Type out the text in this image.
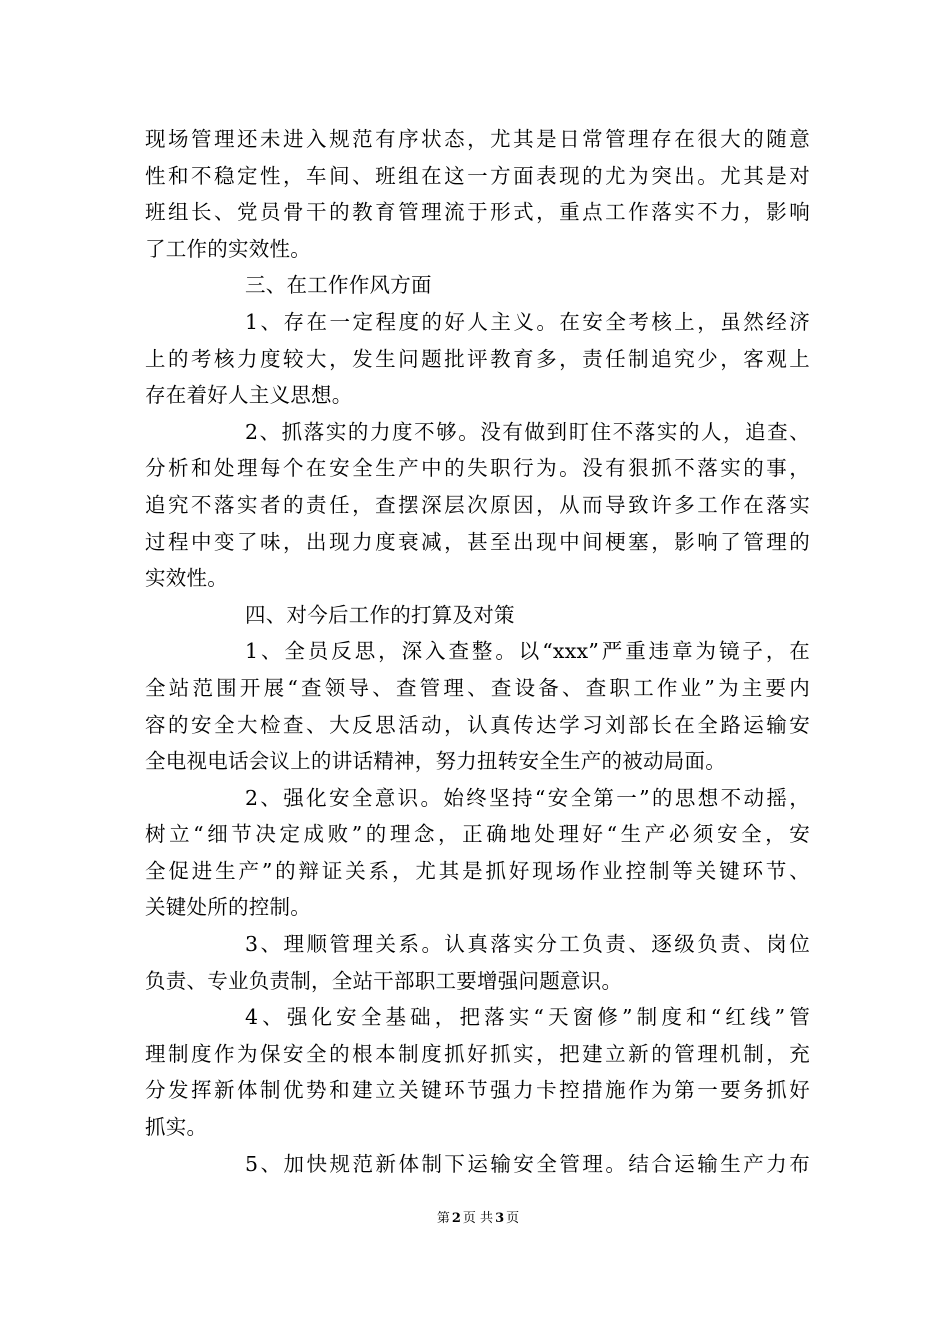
现场管理还未进入规范有序状态，尤其是日常管理存在很大的随意
性和不稳定性，车间、班组在这一方面表现的尤为突出。尤其是对
班组长、党员骨干的教育管理流于形式，重点工作落实不力，影响
了工作的实效性。
三、在工作作风方面
1、存在一定程度的好人主义。在安全考核上，虽然经济
上的考核力度较大，发生问题批评教育多，责任制追究少，客观上
存在着好人主义思想。
2、抓落实的力度不够。没有做到盯住不落实的人，追查、
分析和处理每个在安全生产中的失职行为。没有狠抓不落实的事，
追究不落实者的责任，查摆深层次原因，从而导致许多工作在落实
过程中变了味，出现力度衰减，甚至出现中间梗塞，影响了管理的
实效性。
四、对今后工作的打算及对策
1、全员反思，深入查整。以“xxx”严重违章为镜子，在
全站范围开展“查领导、查管理、查设备、查职工作业”为主要内
容的安全大检查、大反思活动，认真传达学习刘部长在全路运输安
全电视电话会议上的讲话精神，努力扭转安全生产的被动局面。
2、强化安全意识。始终坚持“安全第一”的思想不动摇，
树立“细节决定成败”的理念，正确地处理好“生产必须安全，安
全促进生产”的辩证关系，尤其是抓好现场作业控制等关键环节、
关键处所的控制。
3、理顺管理关系。认真落实分工负责、逐级负责、岗位
负责、专业负责制，全站干部职工要增强问题意识。
4、强化安全基础，把落实“天窗修”制度和“红线”管
理制度作为保安全的根本制度抓好抓实，把建立新的管理机制，充
分发挥新体制优势和建立关键环节强力卡控措施作为第一要务抓好
抓实。
5、加快规范新体制下运输安全管理。结合运输生产力布
第 2 页 共 3 页
